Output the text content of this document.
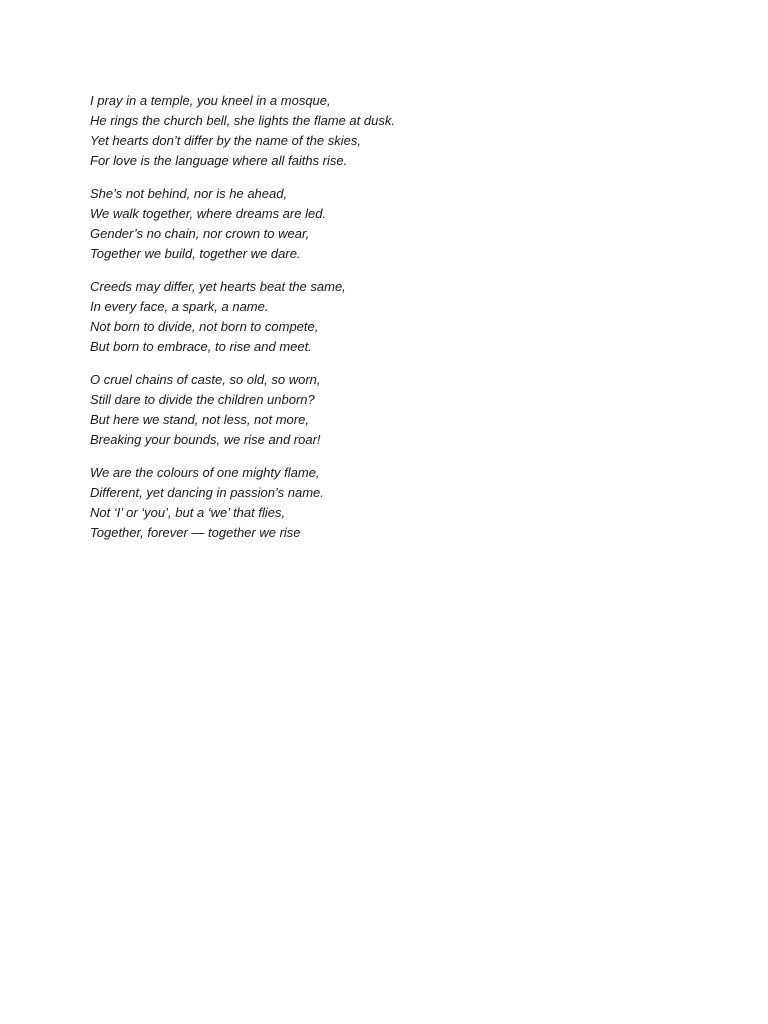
I pray in a temple, you kneel in a mosque,
He rings the church bell, she lights the flame at dusk.
Yet hearts don’t differ by the name of the skies,
For love is the language where all faiths rise.
She’s not behind, nor is he ahead,
We walk together, where dreams are led.
Gender’s no chain, nor crown to wear,
Together we build, together we dare.
Creeds may differ, yet hearts beat the same,
In every face, a spark, a name.
Not born to divide, not born to compete,
But born to embrace, to rise and meet.
O cruel chains of caste, so old, so worn,
Still dare to divide the children unborn?
But here we stand, not less, not more,
Breaking your bounds, we rise and roar!
We are the colours of one mighty flame,
Different, yet dancing in passion’s name.
Not ‘I’ or ‘you’, but a ‘we’ that flies,
Together, forever — together we rise
